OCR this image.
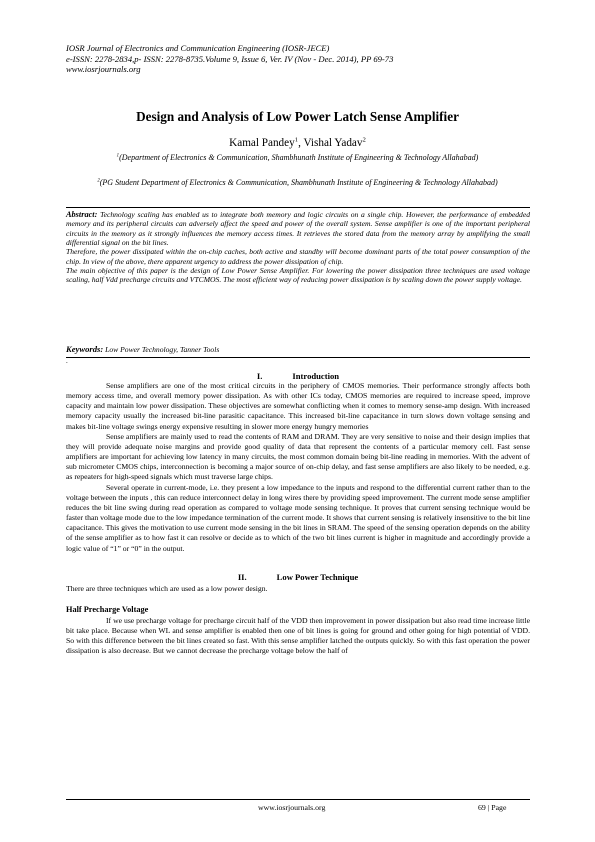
IOSR Journal of Electronics and Communication Engineering (IOSR-JECE)
e-ISSN: 2278-2834,p- ISSN: 2278-8735.Volume 9, Issue 6, Ver. IV (Nov - Dec. 2014), PP 69-73
www.iosrjournals.org
Design and Analysis of Low Power Latch Sense Amplifier
Kamal Pandey$^1$, Vishal Yadav$^2$
$^1$(Department of Electronics & Communication, Shambhunath Institute of Engineering & Technology Allahabad)
$^2$(PG Student Department of Electronics & Communication, Shambhunath Institute of Engineering & Technology Allahabad)

Abstract: Technology scaling has enabled us to integrate both memory and logic circuits on a single chip. However, the performance of embedded memory and its peripheral circuits can adversely affect the speed and power of the overall system. Sense amplifier is one of the important peripheral circuits in the memory as it strongly influences the memory access times. It retrieves the stored data from the memory array by amplifying the small differential signal on the bit lines.

Therefore, the power dissipated within the on-chip caches, both active and standby will become dominant parts of the total power consumption of the chip. In view of the above, there apparent urgency to address the power dissipation of chip.

The main objective of this paper is the design of Low Power Sense Amplifier. For lowering the power dissipation three techniques are used voltage scaling, half Vdd precharge circuits and VTCMOS. The most efficient way of reducing power dissipation is by scaling down the power supply voltage.

Keywords: Low Power Technology, Tanner Tools
.
I.	Introduction

Sense amplifiers are one of the most critical circuits in the periphery of CMOS memories. Their performance strongly affects both memory access time, and overall memory power dissipation. As with other ICs today, CMOS memories are required to increase speed, improve capacity and maintain low power dissipation. These objectives are somewhat conflicting when it comes to memory sense-amp design. With increased memory capacity usually the increased bit-line parasitic capacitance. This increased bit-line capacitance in turn slows down voltage sensing and makes bit-line voltage swings energy expensive resulting in slower more energy hungry memories

Sense amplifiers are mainly used to read the contents of RAM and DRAM. They are very sensitive to noise and their design implies that they will provide adequate noise margins and provide good quality of data that represent the contents of a particular memory cell. Fast sense amplifiers are important for achieving low latency in many circuits, the most common domain being bit-line reading in memories. With the advent of sub micrometer CMOS chips, interconnection is becoming a major source of on-chip delay, and fast sense amplifiers are also likely to be needed, e.g. as repeaters for high-speed signals which must traverse large chips.

Several operate in current-mode, i.e. they present a low impedance to the inputs and respond to the differential current rather than to the voltage between the inputs , this can reduce interconnect delay in long wires there by providing speed improvement. The current mode sense amplifier reduces the bit line swing during read operation as compared to voltage mode sensing technique. It proves that current sensing technique would be faster than voltage mode due to the low impedance termination of the current mode. It shows that current sensing is relatively insensitive to the bit line capacitance. This gives the motivation to use current mode sensing in the bit lines in SRAM. The speed of the sensing operation depends on the ability of the sense amplifier as to how fast it can resolve or decide as to which of the two bit lines current is higher in magnitude and accordingly provide a logic value of “1” or “0” in the output.

II.	Low Power Technique

There are three techniques which are used as a low power design.

Half Precharge Voltage

If we use precharge voltage for precharge circuit half of the VDD then improvement in power dissipation but also read time increase little bit take place. Because when WL and sense amplifier is enabled then one of bit lines is going for ground and other going for high potential of VDD. So with this difference between the bit lines created so fast. With this sense amplifier latched the outputs quickly. So with this fast operation the power dissipation is also decrease. But we cannot decrease the precharge voltage below the half of

www.iosrjournals.org	69 | Page
